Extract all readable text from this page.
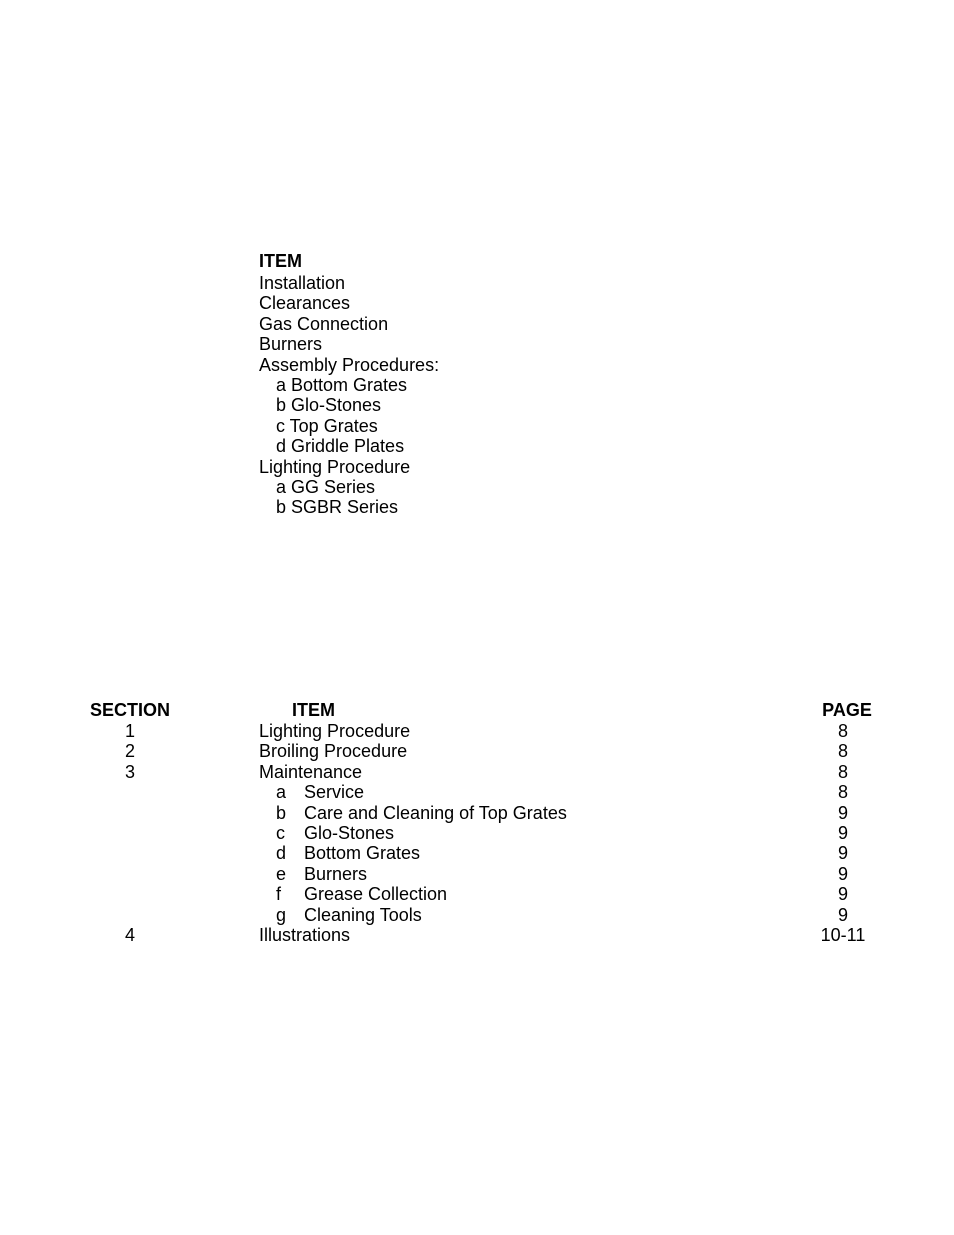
ITEM
Installation
Clearances
Gas Connection
Burners
Assembly Procedures:
a Bottom Grates
b Glo-Stones
c Top Grates
d Griddle Plates
Lighting Procedure
a GG Series
b SGBR Series
SECTION	ITEM	PAGE
1	Lighting Procedure	8
2	Broiling Procedure	8
3	Maintenance	8
a Service	8
b Care and Cleaning of Top Grates	9
c Glo-Stones	9
d Bottom Grates	9
e Burners	9
f Grease Collection	9
g Cleaning Tools	9
4	Illustrations	10-11
